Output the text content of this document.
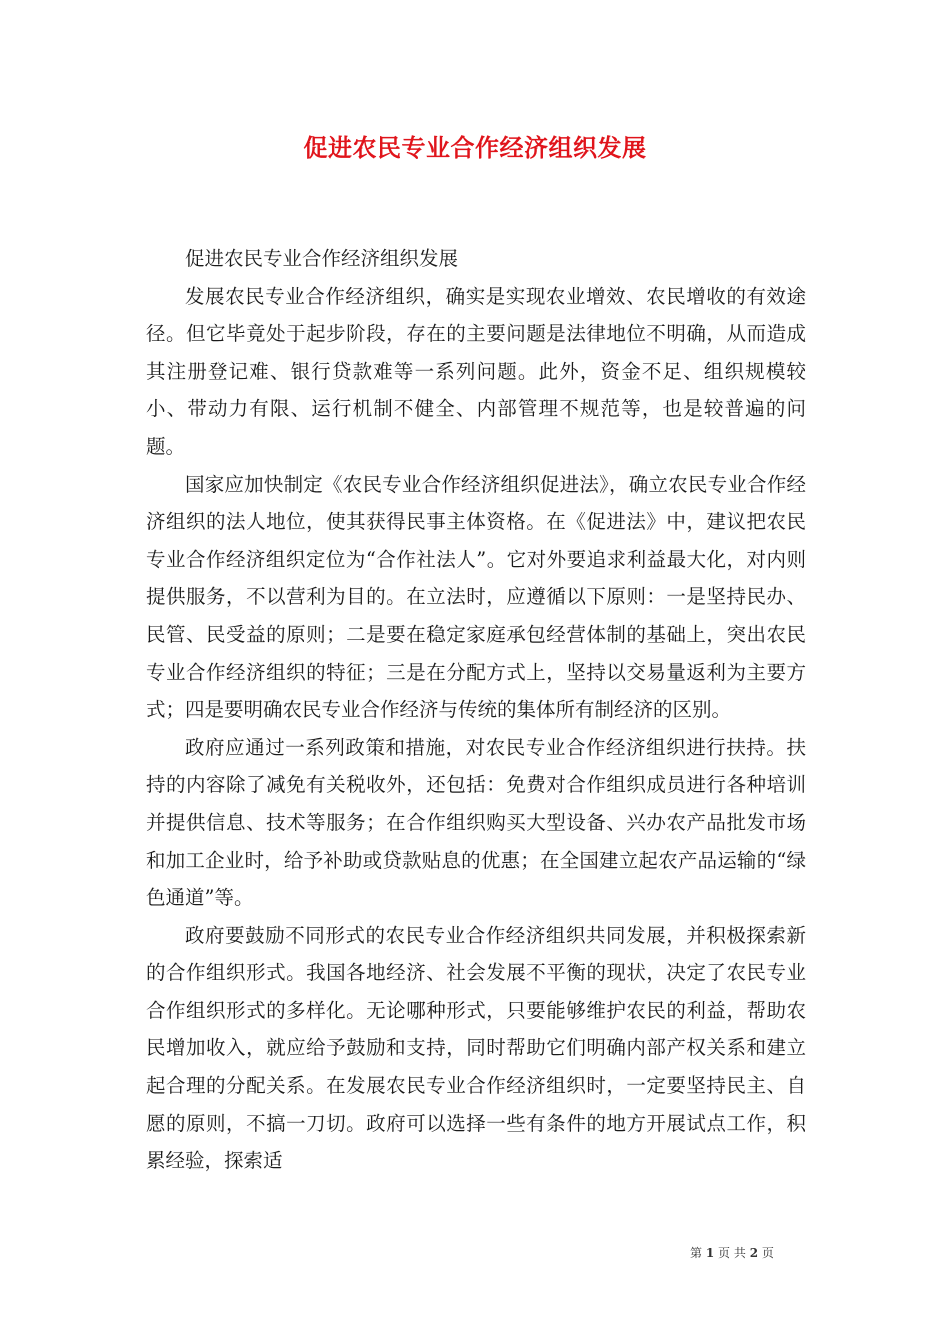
促进农民专业合作经济组织发展

促进农民专业合作经济组织发展

发展农民专业合作经济组织，确实是实现农业增效、农民增收的有效途径。但它毕竟处于起步阶段，存在的主要问题是法律地位不明确，从而造成其注册登记难、银行贷款难等一系列问题。此外，资金不足、组织规模较小、带动力有限、运行机制不健全、内部管理不规范等，也是较普遍的问题。

国家应加快制定《农民专业合作经济组织促进法》，确立农民专业合作经济组织的法人地位，使其获得民事主体资格。在《促进法》中，建议把农民专业合作经济组织定位为“合作社法人”。它对外要追求利益最大化，对内则提供服务，不以营利为目的。在立法时，应遵循以下原则：一是坚持民办、民管、民受益的原则；二是要在稳定家庭承包经营体制的基础上，突出农民专业合作经济组织的特征；三是在分配方式上，坚持以交易量返利为主要方式；四是要明确农民专业合作经济与传统的集体所有制经济的区别。

政府应通过一系列政策和措施，对农民专业合作经济组织进行扶持。扶持的内容除了减免有关税收外，还包括：免费对合作组织成员进行各种培训并提供信息、技术等服务；在合作组织购买大型设备、兴办农产品批发市场和加工企业时，给予补助或贷款贴息的优惠；在全国建立起农产品运输的“绿色通道”等。

政府要鼓励不同形式的农民专业合作经济组织共同发展，并积极探索新的合作组织形式。我国各地经济、社会发展不平衡的现状，决定了农民专业合作组织形式的多样化。无论哪种形式，只要能够维护农民的利益，帮助农民增加收入，就应给予鼓励和支持，同时帮助它们明确内部产权关系和建立起合理的分配关系。在发展农民专业合作经济组织时，一定要坚持民主、自愿的原则，不搞一刀切。政府可以选择一些有条件的地方开展试点工作，积累经验，探索适

第 1 页 共 2 页
